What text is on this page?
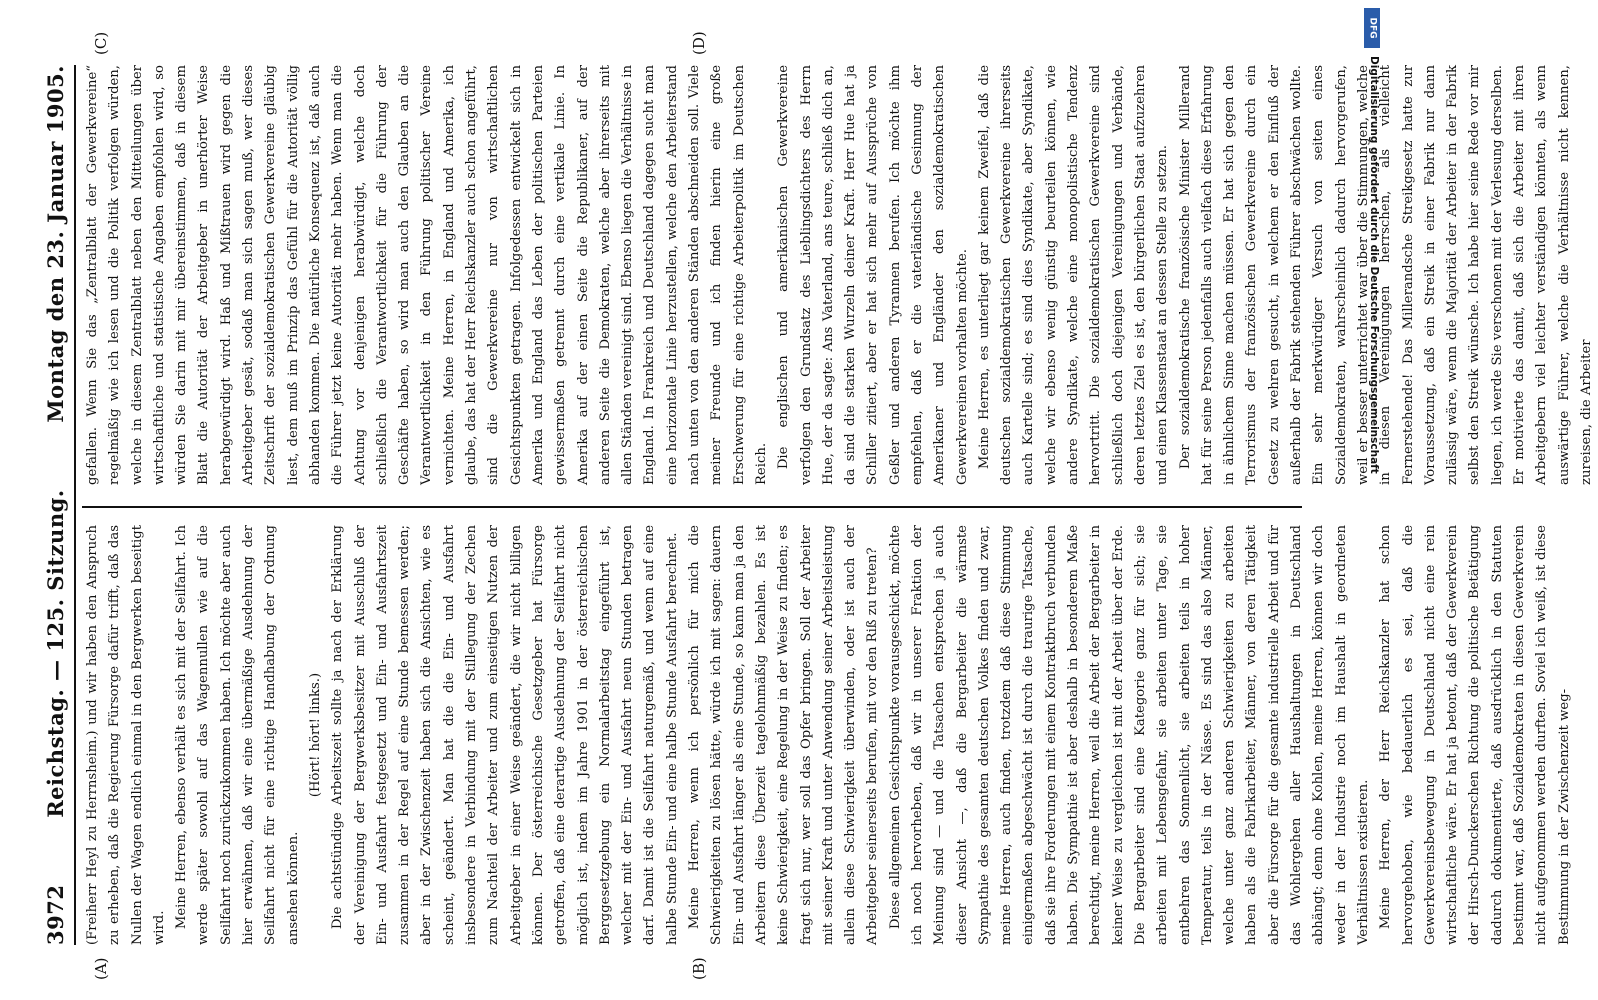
3972
Reichstag. — 125. Sitzung.
Montag den 23. Januar 1905.

(Freiherr Heyl zu Herrnsheim.) und wir haben den Anspruch zu erheben, daß die Regierung Fürsorge dafür trifft, daß das Nullen der Wagen endlich einmal in den Bergwerken beseitigt wird. Meine Herren, ebenso verhält es sich mit der Seilfahrt. Ich werde später sowohl auf das Wagennullen wie auf die Seilfahrt noch zurückzukommen haben. Ich möchte aber auch hier erwähnen, daß wir eine übermäßige Ausdehnung der Seilfahrt nicht für eine richtige Handhabung der Ordnung ansehen können.

(Hört! hört! links.) Die achtstündige Arbeitszeit sollte ja nach der Erklärung der Vereinigung der Bergwerksbesitzer mit Ausschluß der Ein- und Ausfahrt festgesetzt und Ein- und Ausfahrtszeit zusammen in der Regel auf eine Stunde bemessen werden; aber in der Zwischenzeit haben sich die Ansichten, wie es scheint, geändert. Man hat die die Ein- und Ausfahrt insbesondere in Verbindung mit der Stillegung der Zechen zum Nachteil der Arbeiter und zum einseitigen Nutzen der Arbeitgeber in einer Weise geändert, die wir nicht billigen können. Der österreichische Gesetzgeber hat Fürsorge getroffen, daß eine derartige Ausdehnung der Seilfahrt nicht möglich ist, indem im Jahre 1901 in der österreichischen Berggesetzgebung ein Normalarbeitstag eingeführt ist, welcher mit der Ein- und Ausfahrt neun Stunden betragen darf. Damit ist die Seilfahrt naturgemäß, und wenn auf eine halbe Stunde Ein- und eine halbe Stunde Ausfahrt berechnet. Meine Herren, wenn ich persönlich für mich die Schwierigkeiten zu lösen hätte, würde ich mit sagen: dauern Ein- und Ausfahrt länger als eine Stunde, so kann man ja den Arbeitern diese Überzeit tagelohnmäßig bezahlen. Es ist keine Schwierigkeit, eine Regelung in der Weise zu finden; es fragt sich nur, wer soll das Opfer bringen. Soll der Arbeiter mit seiner Kraft und unter Anwendung seiner Arbeitsleistung allein diese Schwierigkeit überwinden, oder ist auch der Arbeitgeber seinerseits berufen, mit vor den Riß zu treten? Diese allgemeinen Gesichtspunkte vorausgeschickt, möchte ich noch hervorheben, daß wir in unserer Fraktion der Meinung sind — und die Tatsachen entsprechen ja auch dieser Ansicht —, daß die Bergarbeiter die wärmste Sympathie des gesamten deutschen Volkes finden und zwar, meine Herren, auch finden, trotzdem daß diese Stimmung einigermaßen abgeschwächt ist durch die traurige Tatsache, daß sie ihre Forderungen mit einem Kontraktbruch verbunden haben. Die Sympathie ist aber deshalb in besonderem Maße berechtigt, meine Herren, weil die Arbeit der Bergarbeiter in keiner Weise zu vergleichen ist mit der Arbeit über der Erde. Die Bergarbeiter sind eine Kategorie ganz für sich; sie arbeiten mit Lebensgefahr, sie arbeiten unter Tage, sie entbehren das Sonnenlicht, sie arbeiten teils in hoher Temperatur, teils in der Nässe. Es sind das also Männer, welche unter ganz anderen Schwierigkeiten zu arbeiten haben als die Fabrikarbeiter, Männer, von deren Tätigkeit aber die Fürsorge für die gesamte industrielle Arbeit und für das Wohlergehen aller Haushaltungen in Deutschland abhängt; denn ohne Kohlen, meine Herren, können wir doch weder in der Industrie noch im Haushalt in geordneten Verhältnissen existieren. Meine Herren, der Herr Reichskanzler hat schon hervorgehoben, wie bedauerlich es sei, daß die Gewerkvereinsbewegung in Deutschland nicht eine rein wirtschaftliche wäre. Er hat ja betont, daß der Gewerkverein der Hirsch-Dunckerschen Richtung die politische Betätigung dadurch dokumentierte, daß ausdrücklich in den Statuten bestimmt war, daß Sozialdemokraten in diesen Gewerkverein nicht aufgenommen werden durften. Soviel ich weiß, ist diese Bestimmung in der Zwischenzeit weg-

gefallen. Wenn Sie das „Zentralblatt der Gewerkvereine“ regelmäßig wie ich lesen und die Politik verfolgen würden, welche in diesem Zentralblatt neben den Mitteilungen über wirtschaftliche und statistische Angaben empfohlen wird, so würden Sie darin mit mir übereinstimmen, daß in diesem Blatt die Autorität der Arbeitgeber in unerhörter Weise herabgewürdigt wird. Haß und Mißtrauen wird gegen die Arbeitgeber gesät, sodaß man sich sagen muß, wer dieses Zeitschrift der sozialdemokratischen Gewerkvereine gläubig liest, dem muß im Prinzip das Gefühl für die Autorität völlig abhanden kommen. Die natürliche Konsequenz ist, daß auch die Führer jetzt keine Autorität mehr haben. Wenn man die Achtung vor denjenigen herabwürdigt, welche doch schließlich die Verantwortlichkeit für die Führung der Geschäfte haben, so wird man auch den Glauben an die Verantwortlichkeit in den Führung politischer Vereine vernichten. Meine Herren, in England und Amerika, ich glaube, das hat der Herr Reichskanzler auch schon angeführt, sind die Gewerkvereine nur von wirtschaftlichen Gesichtspunkten getragen. Infolgedessen entwickelt sich in Amerika und England das Leben der politischen Parteien gewissermaßen getrennt durch eine vertikale Linie. In Amerika auf der einen Seite die Republikaner, auf der anderen Seite die Demokraten, welche aber ihrerseits mit allen Ständen vereinigt sind. Ebenso liegen die Verhältnisse in England. In Frankreich und Deutschland dagegen sucht man eine horizontale Linie herzustellen, welche den Arbeiterstand nach unten von den anderen Ständen abschneiden soll. Viele meiner Freunde und ich finden hierin eine große Erschwerung für eine richtige Arbeiterpolitik im Deutschen Reich. Die englischen und amerikanischen Gewerkvereine verfolgen den Grundsatz des Lieblingsdichters des Herrn Hue, der da sagte: Ans Vaterland, ans teure, schließ dich an, da sind die starken Wurzeln deiner Kraft. Herr Hue hat ja Schiller zitiert, aber er hat sich mehr auf Aussprüche von Geßler und anderen Tyrannen berufen. Ich möchte ihm empfehlen, daß er die vaterländische Gesinnung der Amerikaner und Engländer den sozialdemokratischen Gewerkvereinen vorhalten möchte. Meine Herren, es unterliegt gar keinem Zweifel, daß die deutschen sozialdemokratischen Gewerkvereine ihrerseits auch Kartelle sind; es sind dies Syndikate, aber Syndikate, welche wir ebenso wenig günstig beurteilen können, wie andere Syndikate, welche eine monopolistische Tendenz hervortritt. Die sozialdemokratischen Gewerkvereine sind schließlich doch diejenigen Vereinigungen und Verbände, deren letztes Ziel es ist, den bürgerlichen Staat aufzuzehren und einen Klassenstaat an dessen Stelle zu setzen. Der sozialdemokratische französische Minister Millerand hat für seine Person jedenfalls auch vielfach diese Erfahrung in ähnlichem Sinne machen müssen. Er hat sich gegen den Terrorismus der französischen Gewerkvereine durch ein Gesetz zu wehren gesucht, in welchem er den Einfluß der außerhalb der Fabrik stehenden Führer abschwächen wollte. Ein sehr merkwürdiger Versuch von seiten eines Sozialdemokraten, wahrscheinlich dadurch hervorgerufen, weil er besser unterrichtet war über die Stimmungen, welche in diesen Vereinigungen herrschen, als vielleicht Fernerstehende! Das Millerandsche Streikgesetz hatte zur Voraussetzung, daß ein Streik in einer Fabrik nur dann zulässig wäre, wenn die Majorität der Arbeiter in der Fabrik selbst den Streik wünsche. Ich habe hier seine Rede vor mir liegen, ich werde Sie verschonen mit der Verlesung derselben. Er motivierte das damit, daß sich die Arbeiter mit ihren Arbeitgebern viel leichter verständigen könnten, als wenn auswärtige Führer, welche die Verhältnisse nicht kennen, zureisen, die Arbeiter

(A)	(B)
(C)	(D)
DFG
Digitalisierung gefördert durch die Deutsche Forschungsgemeinschaft
